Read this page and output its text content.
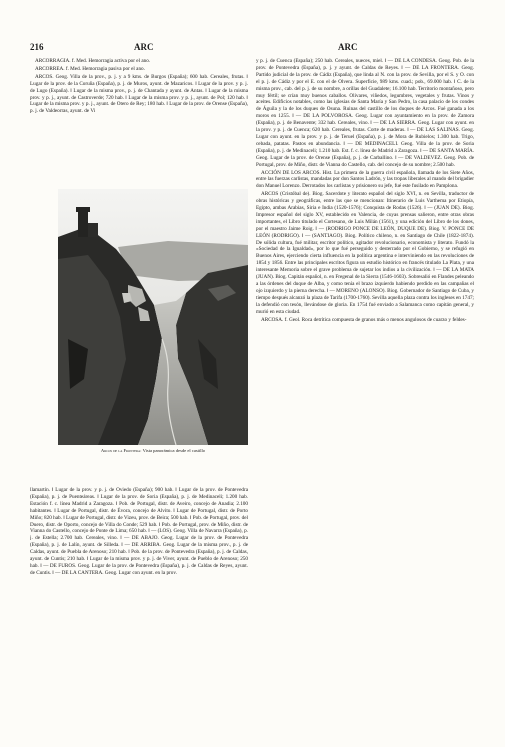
216	ARC	ARC

ARCORRAGIA. f. Med. Hemorragia activa por el ano.

ARCORREA. f. Med. Hemorragia pasiva por el ano.

ARCOS. Geog. Villa de la prov., p. j. y a 9 kms. de Burgos (España); 600 hab. Cereales, frutas. ‖ Lugar de la prov. de la Coruña (España), p. j. de Muros, ayunt. de Mazaricos. ‖ Lugar de la prov. y p. j. de Lugo (España). ‖ Lugar de la misma prov., p. j. de Chantada y ayunt. de Antas. ‖ Lugar de la misma prov. y p. j., ayunt. de Castroverde; 720 hab. ‖ Lugar de la misma prov. y p. j., ayunt. de Pol; 120 hab. ‖ Lugar de la misma prov. y p. j., ayunt. de Otero de Rey; 180 hab. ‖ Lugar de la prov. de Orense (España), p. j. de Valdeorras, ayunt. de Vi

Arcos de la Frontera: Vista panorámica desde el castillo

llamartín. ‖ Lugar de la prov. y p. j. de Oviedo (España); 900 hab. ‖ Lugar de la prov. de Pontevedra (España), p. j. de Puenteáreas. ‖ Lugar de la prov. de Soria (España), p. j. de Medinaceli; 1.200 hab. Estación f. c. línea Madrid a Zaragoza. ‖ Pob. de Portugal, distr. de Aveiro, concejo de Anadia; 2.100 habitantes. ‖ Lugar de Portugal, distr. de Évora, concejo de Alvito. ‖ Lugar de Portugal, distr. de Porto Miño; 820 hab. ‖ Lugar de Portugal, distr. de Vizeu, prov. de Beira; 500 hab. ‖ Pob. de Portugal, prov. del Duero, distr. de Oporto, concejo de Villa do Conde; 529 hab. ‖ Pob. de Portugal, prov. de Miño, distr. de Vianna do Castello, concejo de Ponte de Lima; 650 hab. ‖ — (LOS). Geog. Villa de Navarra (España), p. j. de Estella; 2.700 hab. Cereales, vino. ‖ — DE ABAJO. Geog. Lugar de la prov. de Pontevedra (España), p. j. de Lalín, ayunt. de Silleda. ‖ — DE ARRIBA. Geog. Lugar de la misma prov., p. j. de Caldas, ayunt. de Puebla de Arenoso; 210 hab. ‖ Pob. de la prov. de Pontevedra (España), p. j. de Caldas, ayunt. de Cuntis; 210 hab. ‖ Lugar de la misma prov. y p. j. de Viver, ayunt. de Pueblo de Arenoso; 250 hab. ‖ — DE FUROS. Geog. Lugar de la prov. de Pontevedra (España), p. j. de Caldas de Reyes, ayunt. de Cuntis. ‖ — DE LA CANTERA. Geog. Lugar con ayunt. en la prov.

y p. j. de Cuenca (España); 250 hab. Cereales, nueces, miel. ‖ — DE LA CONDESA. Geog. Pob. de la prov. de Pontevedra (España), p. j. y ayunt. de Caldas de Reyes. ‖ — DE LA FRONTERA. Geog. Partido judicial de la prov. de Cádiz (España), que linda al N. con la prov. de Sevilla, por el S. y O. con el p. j. de Cádiz y por el E. con el de Olvera. Superficie, 989 kms. cuad.; pob., 69.000 hab. ‖ C. de la misma prov., cab. del p. j. de su nombre, a orillas del Guadalete; 16.100 hab. Territorio montañoso, pero muy fértil; se crían muy buenos caballos. Olivares, viñedos, legumbres, vegetales y frutas. Vinos y aceites. Edificios notables, como las iglesias de Santa María y San Pedro, la casa palacio de los condes de Águila y la de los duques de Osuna. Ruinas del castillo de los duques de Arcos. Fué ganada a los moros en 1255. ‖ — DE LA POLVOROSA. Geog. Lugar con ayuntamiento en la prov. de Zamora (España), p. j. de Benavente; 332 hab. Cereales, vino. ‖ — DE LA SIERRA. Geog. Lugar con ayunt. en la prov. y p. j. de Cuenca; 620 hab. Cereales, frutas. Corte de maderas. ‖ — DE LAS SALINAS. Geog. Lugar con ayunt. en la prov. y p. j. de Teruel (España), p. j. de Mora de Rubielos; 1.300 hab. Trigo, cebada, patatas. Pastos en abundancia. ‖ — DE MEDINACELI. Geog. Villa de la prov. de Soria (España), p. j. de Medinaceli; 1.210 hab. Est. f. c. línea de Madrid a Zaragoza. ‖ — DE SANTA MARÍA. Geog. Lugar de la prov. de Orense (España), p. j. de Carballino. ‖ — DE VALDEVEZ. Geog. Pob. de Portugal, prov. de Miño, distr. de Vianna do Castello, cab. del concejo de su nombre; 2.500 hab.

ACCIÓN DE LOS ARCOS. Hist. La primera de la guerra civil española, llamada de los Siete Años, entre las fuerzas carlistas, mandadas por don Santos Ladrón, y las tropas liberales al mando del brigadier don Manuel Lorenzo. Derrotados los carlistas y prisionero su jefe, fué este fusilado en Pamplona.

ARCOS (Cristóbal de). Biog. Sacerdote y literato español del siglo XVI, n. en Sevilla, traductor de obras históricas y geográficas, entre las que se mencionan: Itinerario de Luis Varthema por Etiopía, Egipto, ambas Arabias, Siria e India (1520-1576); Conquista de Rodas (1526). ‖ — (JUAN DE). Biog. Impresor español del siglo XV, establecido en Valencia, de cuyas prensas salieron, entre otras obras importantes, el Libro titulado el Cortesano, de Luis Milán (1561), y una edición del Libro de los dones, por el maestro Jaime Roig. ‖ — (RODRIGO PONCE DE LEÓN, DUQUE DE). Biog. V. PONCE DE LEÓN (RODRIGO). ‖ — (SANTIAGO). Biog. Político chileno, n. en Santiago de Chile (1822-1874). De sólida cultura, fué militar, escritor político, agitador revolucionario, economista y literato. Fundó la «Sociedad de la Igualdad», por lo que fué perseguido y desterrado por el Gobierno, y se refugió en Buenos Aires, ejerciendo cierta influencia en la política argentina e interviniendo en las revoluciones de 1854 y 1856. Entre las principales escritos figura un estudio histórico en francés titulado La Plata, y una interesante Memoria sobre el grave problema de sujetar los indios a la civilización. ‖ — DE LA MATA (JUAN). Biog. Capitán español, n. en Fregenal de la Sierra (1546-1603). Sobresalió en Flandes peleando a las órdenes del duque de Alba, y como tenía el brazo izquierdo habiendo perdido en las campañas el ojo izquierdo y la pierna derecha. ‖ — MORENO (ALONSO). Biog. Gobernador de Santiago de Cuba, y tiempo después alcanzó la plaza de Tarifa (1700-1760). Sevilla aquella plaza contra los ingleses en 1747; la defendió con tesón, llevándose de gloria. En 1754 fué enviado a Salamanca como capitán general, y murió en esta ciudad.

ARCOSA. f. Geol. Roca detrítica compuesta de granos más o menos angulosos de cuarzo y feldes-
